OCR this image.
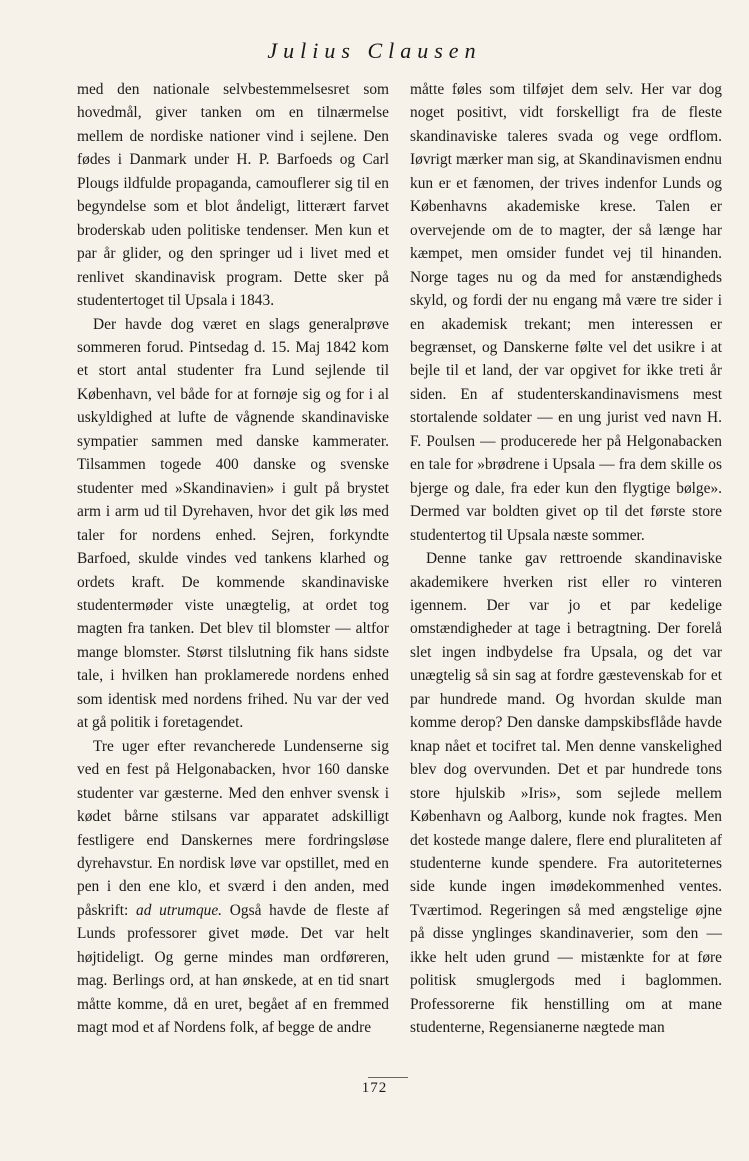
Julius Clausen

med den nationale selvbestemmelsesret som hovedmål, giver tanken om en tilnærmelse mellem de nordiske nationer vind i sejlene. Den fødes i Danmark under H. P. Barfoeds og Carl Plougs ildfulde propaganda, camouflerer sig til en begyndelse som et blot åndeligt, litterært farvet broderskab uden politiske tendenser. Men kun et par år glider, og den springer ud i livet med et renlivet skandinavisk program. Dette sker på studentertoget til Upsala i 1843.

Der havde dog været en slags generalprøve sommeren forud. Pintsedag d. 15. Maj 1842 kom et stort antal studenter fra Lund sejlende til København, vel både for at fornøje sig og for i al uskyldighed at lufte de vågnende skandinaviske sympatier sammen med danske kammerater. Tilsammen togede 400 danske og svenske studenter med »Skandinavien» i gult på brystet arm i arm ud til Dyrehaven, hvor det gik løs med taler for nordens enhed. Sejren, forkyndte Barfoed, skulde vindes ved tankens klarhed og ordets kraft. De kommende skandinaviske studentermøder viste unægtelig, at ordet tog magten fra tanken. Det blev til blomster — altfor mange blomster. Størst tilslutning fik hans sidste tale, i hvilken han proklamerede nordens enhed som identisk med nordens frihed. Nu var der ved at gå politik i foretagendet.

Tre uger efter revancherede Lundenserne sig ved en fest på Helgonabacken, hvor 160 danske studenter var gæsterne. Med den enhver svensk i kødet bårne stilsans var apparatet adskilligt festligere end Danskernes mere fordringsløse dyrehavstur. En nordisk løve var opstillet, med en pen i den ene klo, et sværd i den anden, med påskrift: ad utrumque. Også havde de fleste af Lunds professorer givet møde. Det var helt højtideligt. Og gerne mindes man ordføreren, mag. Berlings ord, at han ønskede, at en tid snart måtte komme, då en uret, begået af en fremmed magt mod et af Nordens folk, af begge de andre

måtte føles som tilføjet dem selv. Her var dog noget positivt, vidt forskelligt fra de fleste skandinaviske taleres svada og vege ordflom. Iøvrigt mærker man sig, at Skandinavismen endnu kun er et fænomen, der trives indenfor Lunds og Københavns akademiske krese. Talen er overvejende om de to magter, der så længe har kæmpet, men omsider fundet vej til hinanden. Norge tages nu og da med for anstændigheds skyld, og fordi der nu engang må være tre sider i en akademisk trekant; men interessen er begrænset, og Danskerne følte vel det usikre i at bejle til et land, der var opgivet for ikke treti år siden. En af studenterskandinavismens mest stortalende soldater — en ung jurist ved navn H. F. Poulsen — producerede her på Helgonabacken en tale for »brødrene i Upsala — fra dem skille os bjerge og dale, fra eder kun den flygtige bølge». Dermed var boldten givet op til det første store studentertog til Upsala næste sommer.

Denne tanke gav rettroende skandinaviske akademikere hverken rist eller ro vinteren igennem. Der var jo et par kedelige omstændigheder at tage i betragtning. Der forelå slet ingen indbydelse fra Upsala, og det var unægtelig så sin sag at fordre gæstevenskab for et par hundrede mand. Og hvordan skulde man komme derop? Den danske dampskibsflåde havde knap nået et tocifret tal. Men denne vanskelighed blev dog overvunden. Det et par hundrede tons store hjulskib »Iris», som sejlede mellem København og Aalborg, kunde nok fragtes. Men det kostede mange dalere, flere end pluraliteten af studenterne kunde spendere. Fra autoriteternes side kunde ingen imødekommenhed ventes. Tværtimod. Regeringen så med ængstelige øjne på disse ynglinges skandinaverier, som den — ikke helt uden grund — mistænkte for at føre politisk smuglergods med i baglommen. Professorerne fik henstilling om at mane studenterne, Regensianerne nægtede man

172
